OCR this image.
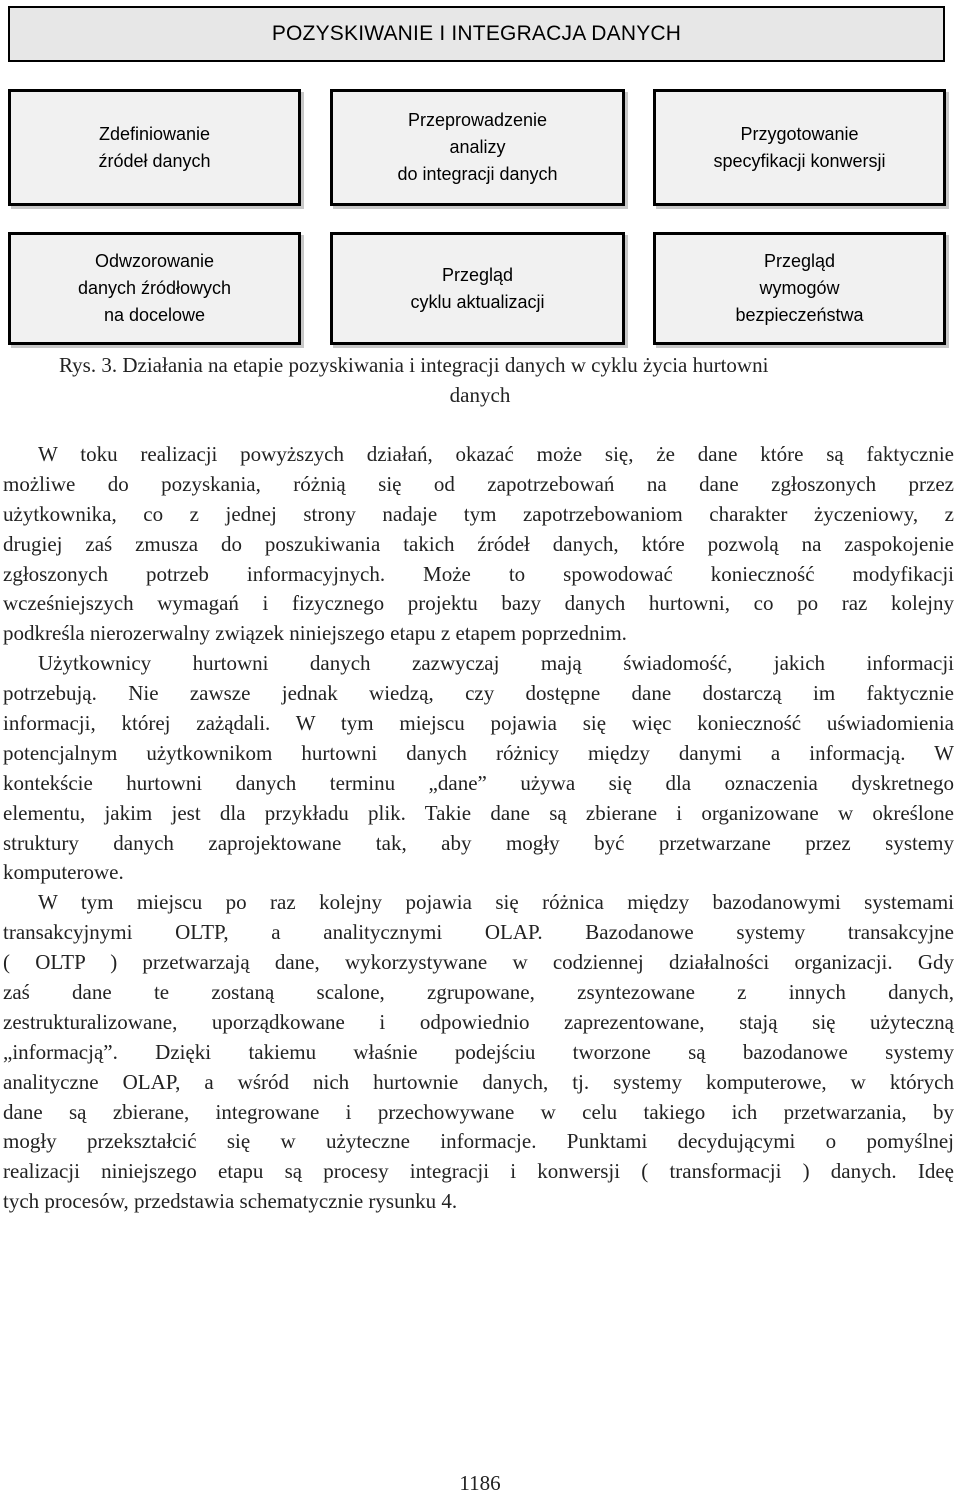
POZYSKIWANIE I INTEGRACJA DANYCH
Zdefiniowanie
źródeł danych
Przeprowadzenie
analizy
do integracji danych
Przygotowanie
specyfikacji konwersji
Odwzorowanie
danych źródłowych
na docelowe
Przegląd
cyklu aktualizacji
Przegląd
wymogów
bezpieczeństwa
Rys. 3. Działania na etapie pozyskiwania i integracji danych w cyklu życia hurtowni
danych
W toku realizacji powyższych działań, okazać może się, że dane które są faktycznie
możliwe do pozyskania, różnią się od zapotrzebowań na dane zgłoszonych przez
użytkownika, co z jednej strony nadaje tym zapotrzebowaniom charakter życzeniowy, z
drugiej zaś zmusza do poszukiwania takich źródeł danych, które pozwolą na zaspokojenie
zgłoszonych potrzeb informacyjnych. Może to spowodować konieczność modyfikacji
wcześniejszych wymagań i fizycznego projektu bazy danych hurtowni, co po raz kolejny
podkreśla nierozerwalny związek niniejszego etapu z etapem poprzednim.
Użytkownicy hurtowni danych zazwyczaj mają świadomość, jakich informacji
potrzebują. Nie zawsze jednak wiedzą, czy dostępne dane dostarczą im faktycznie
informacji, której zażądali. W tym miejscu pojawia się więc konieczność uświadomienia
potencjalnym użytkownikom hurtowni danych różnicy między danymi a informacją. W
kontekście hurtowni danych terminu „dane” używa się dla oznaczenia dyskretnego
elementu, jakim jest dla przykładu plik. Takie dane są zbierane i organizowane w określone
struktury danych zaprojektowane tak, aby mogły być przetwarzane przez systemy
komputerowe.
W tym miejscu po raz kolejny pojawia się różnica między bazodanowymi systemami
transakcyjnymi OLTP, a analitycznymi OLAP. Bazodanowe systemy transakcyjne
( OLTP ) przetwarzają dane, wykorzystywane w codziennej działalności organizacji. Gdy
zaś dane te zostaną scalone, zgrupowane, zsyntezowane z innych danych,
zestrukturalizowane, uporządkowane i odpowiednio zaprezentowane, stają się użyteczną
„informacją”. Dzięki takiemu właśnie podejściu tworzone są bazodanowe systemy
analityczne OLAP, a wśród nich hurtownie danych, tj. systemy komputerowe, w których
dane są zbierane, integrowane i przechowywane w celu takiego ich przetwarzania, by
mogły przekształcić się w użyteczne informacje. Punktami decydującymi o pomyślnej
realizacji niniejszego etapu są procesy integracji i konwersji ( transformacji ) danych. Ideę
tych procesów, przedstawia schematycznie rysunku 4.
1186
